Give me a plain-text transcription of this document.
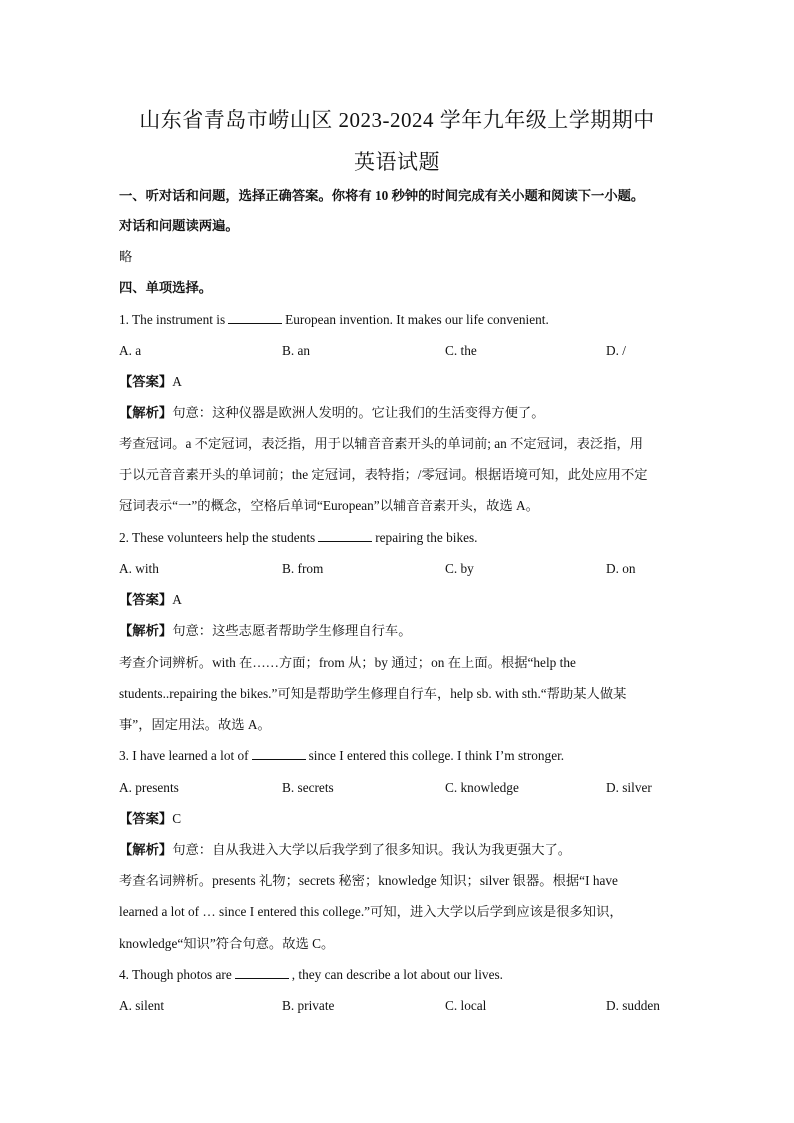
山东省青岛市崂山区 2023-2024 学年九年级上学期期中
英语试题
一、听对话和问题，选择正确答案。你将有 10 秒钟的时间完成有关小题和阅读下一小题。
对话和问题读两遍。
略
四、单项选择。
1. The instrument is	European invention. It makes our life convenient.
A. a	B. an	C. the	D. /
【答案】A
【解析】句意：这种仪器是欧洲人发明的。它让我们的生活变得方便了。
考查冠词。a 不定冠词，表泛指，用于以辅音音素开头的单词前; an 不定冠词，表泛指，用
于以元音音素开头的单词前；the 定冠词，表特指；/零冠词。根据语境可知，此处应用不定
冠词表示“一”的概念，空格后单词“European”以辅音音素开头，故选 A。
2. These volunteers help the students	repairing the bikes.
A. with	B. from	C. by	D. on
【答案】A
【解析】句意：这些志愿者帮助学生修理自行车。
考查介词辨析。with 在……方面；from 从；by 通过；on 在上面。根据“help the
students..repairing the bikes.”可知是帮助学生修理自行车，help sb. with sth.“帮助某人做某
事”，固定用法。故选 A。
3. I have learned a lot of	since I entered this college. I think I’m stronger.
A. presents	B. secrets	C. knowledge	D. silver
【答案】C
【解析】句意：自从我进入大学以后我学到了很多知识。我认为我更强大了。
考查名词辨析。presents 礼物；secrets 秘密；knowledge 知识；silver 银器。根据“I have
learned a lot of … since I entered this college.”可知，进入大学以后学到应该是很多知识，
knowledge“知识”符合句意。故选 C。
4. Though photos are	, they can describe a lot about our lives.
A. silent	B. private	C. local	D. sudden
